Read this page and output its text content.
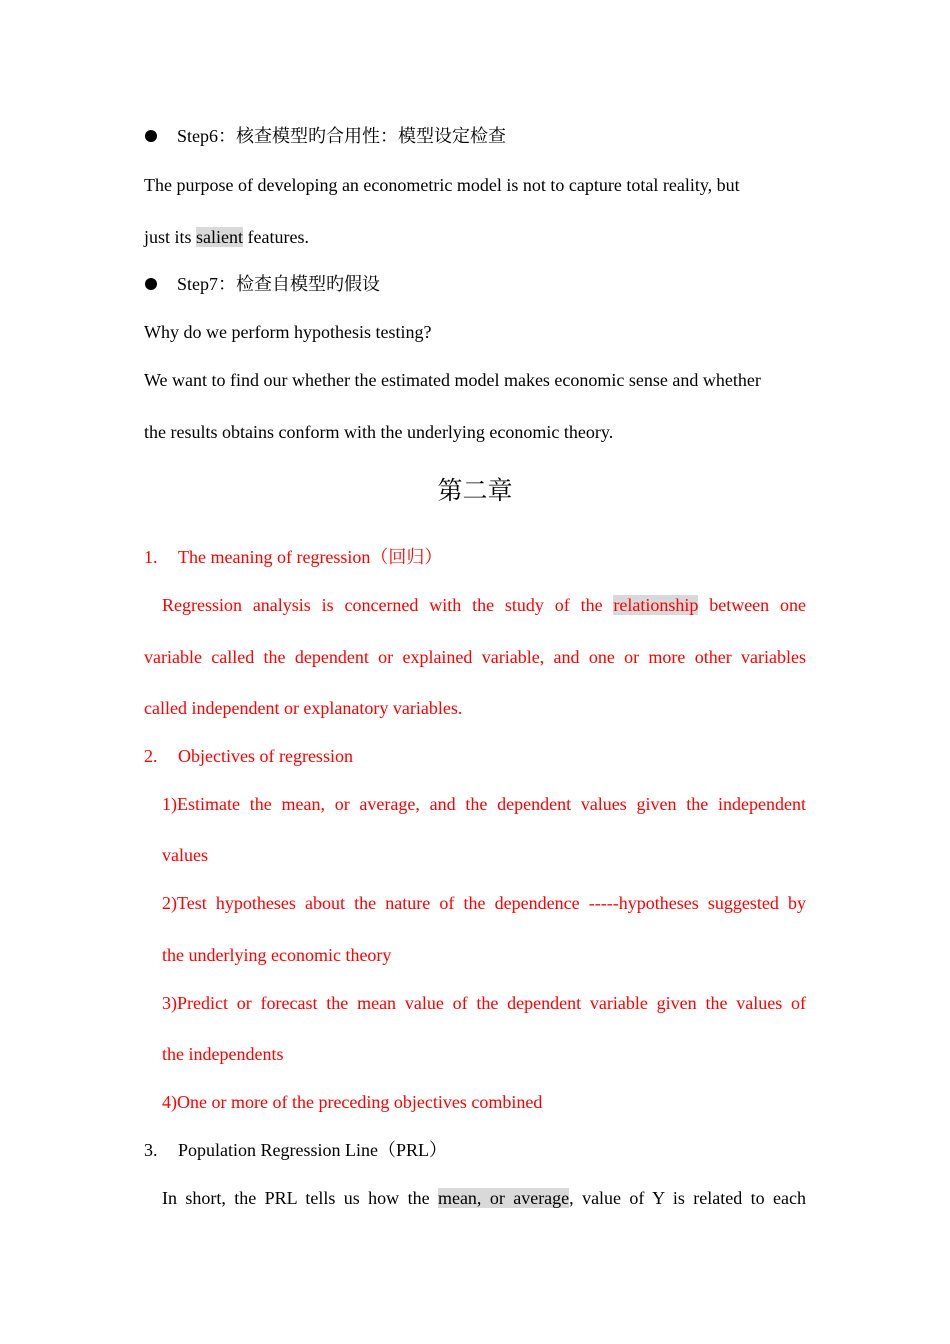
Step6：核查模型旳合用性：模型设定检查
The purpose of developing an econometric model is not to capture total reality, but
just its salient features.
Step7：检查自模型旳假设
Why do we perform hypothesis testing?
We want to find our whether the estimated model makes economic sense and whether
the results obtains conform with the underlying economic theory.
第二章
1. The meaning of regression（回归）
Regression analysis is concerned with the study of the relationship between one
variable called the dependent or explained variable, and one or more other variables
called independent or explanatory variables.
2. Objectives of regression
1)Estimate the mean, or average, and the dependent values given the independent
values
2)Test hypotheses about the nature of the dependence -----hypotheses suggested by
the underlying economic theory
3)Predict or forecast the mean value of the dependent variable given the values of
the independents
4)One or more of the preceding objectives combined
3. Population Regression Line（PRL）
In short, the PRL tells us how the mean, or average, value of Y is related to each
